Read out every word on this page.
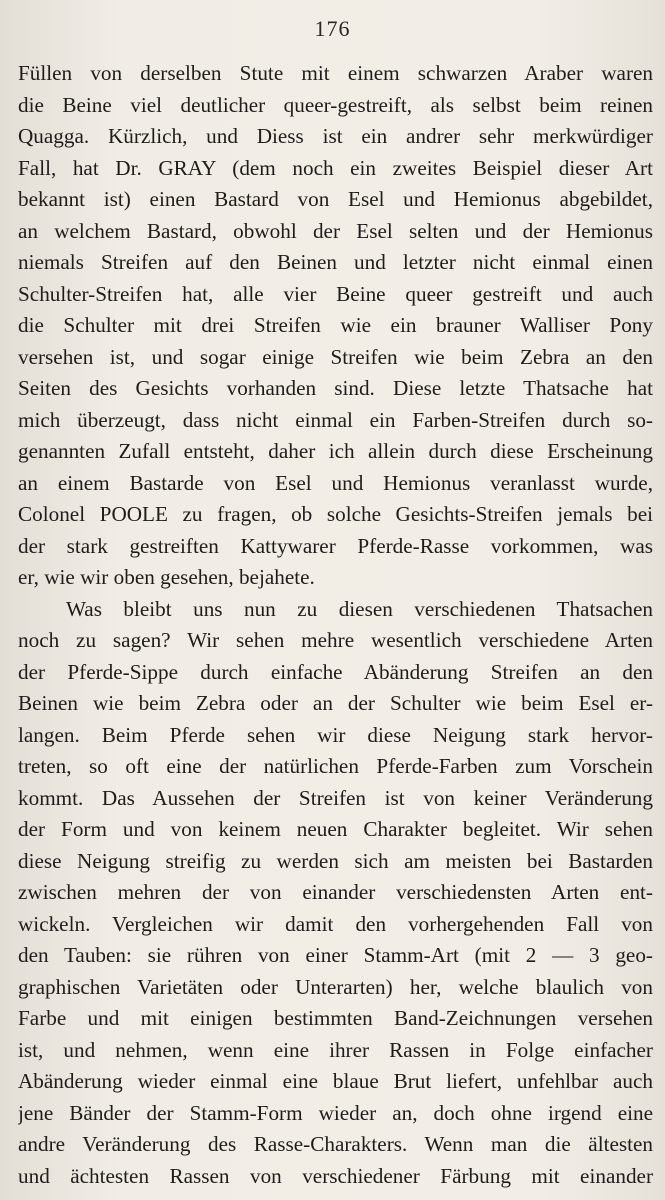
176
Füllen von derselben Stute mit einem schwarzen Araber waren
die Beine viel deutlicher queer-gestreift, als selbst beim reinen
Quagga. Kürzlich, und Diess ist ein andrer sehr merkwürdiger
Fall, hat Dr. GRAY (dem noch ein zweites Beispiel dieser Art
bekannt ist) einen Bastard von Esel und Hemionus abgebildet,
an welchem Bastard, obwohl der Esel selten und der Hemionus
niemals Streifen auf den Beinen und letzter nicht einmal einen
Schulter-Streifen hat, alle vier Beine queer gestreift und auch
die Schulter mit drei Streifen wie ein brauner Walliser Pony
versehen ist, und sogar einige Streifen wie beim Zebra an den
Seiten des Gesichts vorhanden sind. Diese letzte Thatsache hat
mich überzeugt, dass nicht einmal ein Farben-Streifen durch so-
genannten Zufall entsteht, daher ich allein durch diese Erscheinung
an einem Bastarde von Esel und Hemionus veranlasst wurde,
Colonel POOLE zu fragen, ob solche Gesichts-Streifen jemals bei
der stark gestreiften Kattywarer Pferde-Rasse vorkommen, was
er, wie wir oben gesehen, bejahete.
Was bleibt uns nun zu diesen verschiedenen Thatsachen
noch zu sagen? Wir sehen mehre wesentlich verschiedene Arten
der Pferde-Sippe durch einfache Abänderung Streifen an den
Beinen wie beim Zebra oder an der Schulter wie beim Esel er-
langen. Beim Pferde sehen wir diese Neigung stark hervor-
treten, so oft eine der natürlichen Pferde-Farben zum Vorschein
kommt. Das Aussehen der Streifen ist von keiner Veränderung
der Form und von keinem neuen Charakter begleitet. Wir sehen
diese Neigung streifig zu werden sich am meisten bei Bastarden
zwischen mehren der von einander verschiedensten Arten ent-
wickeln. Vergleichen wir damit den vorhergehenden Fall von
den Tauben: sie rühren von einer Stamm-Art (mit 2 — 3 geo-
graphischen Varietäten oder Unterarten) her, welche blaulich von
Farbe und mit einigen bestimmten Band-Zeichnungen versehen
ist, und nehmen, wenn eine ihrer Rassen in Folge einfacher
Abänderung wieder einmal eine blaue Brut liefert, unfehlbar auch
jene Bänder der Stamm-Form wieder an, doch ohne irgend eine
andre Veränderung des Rasse-Charakters. Wenn man die ältesten
und ächtesten Rassen von verschiedener Färbung mit einander
